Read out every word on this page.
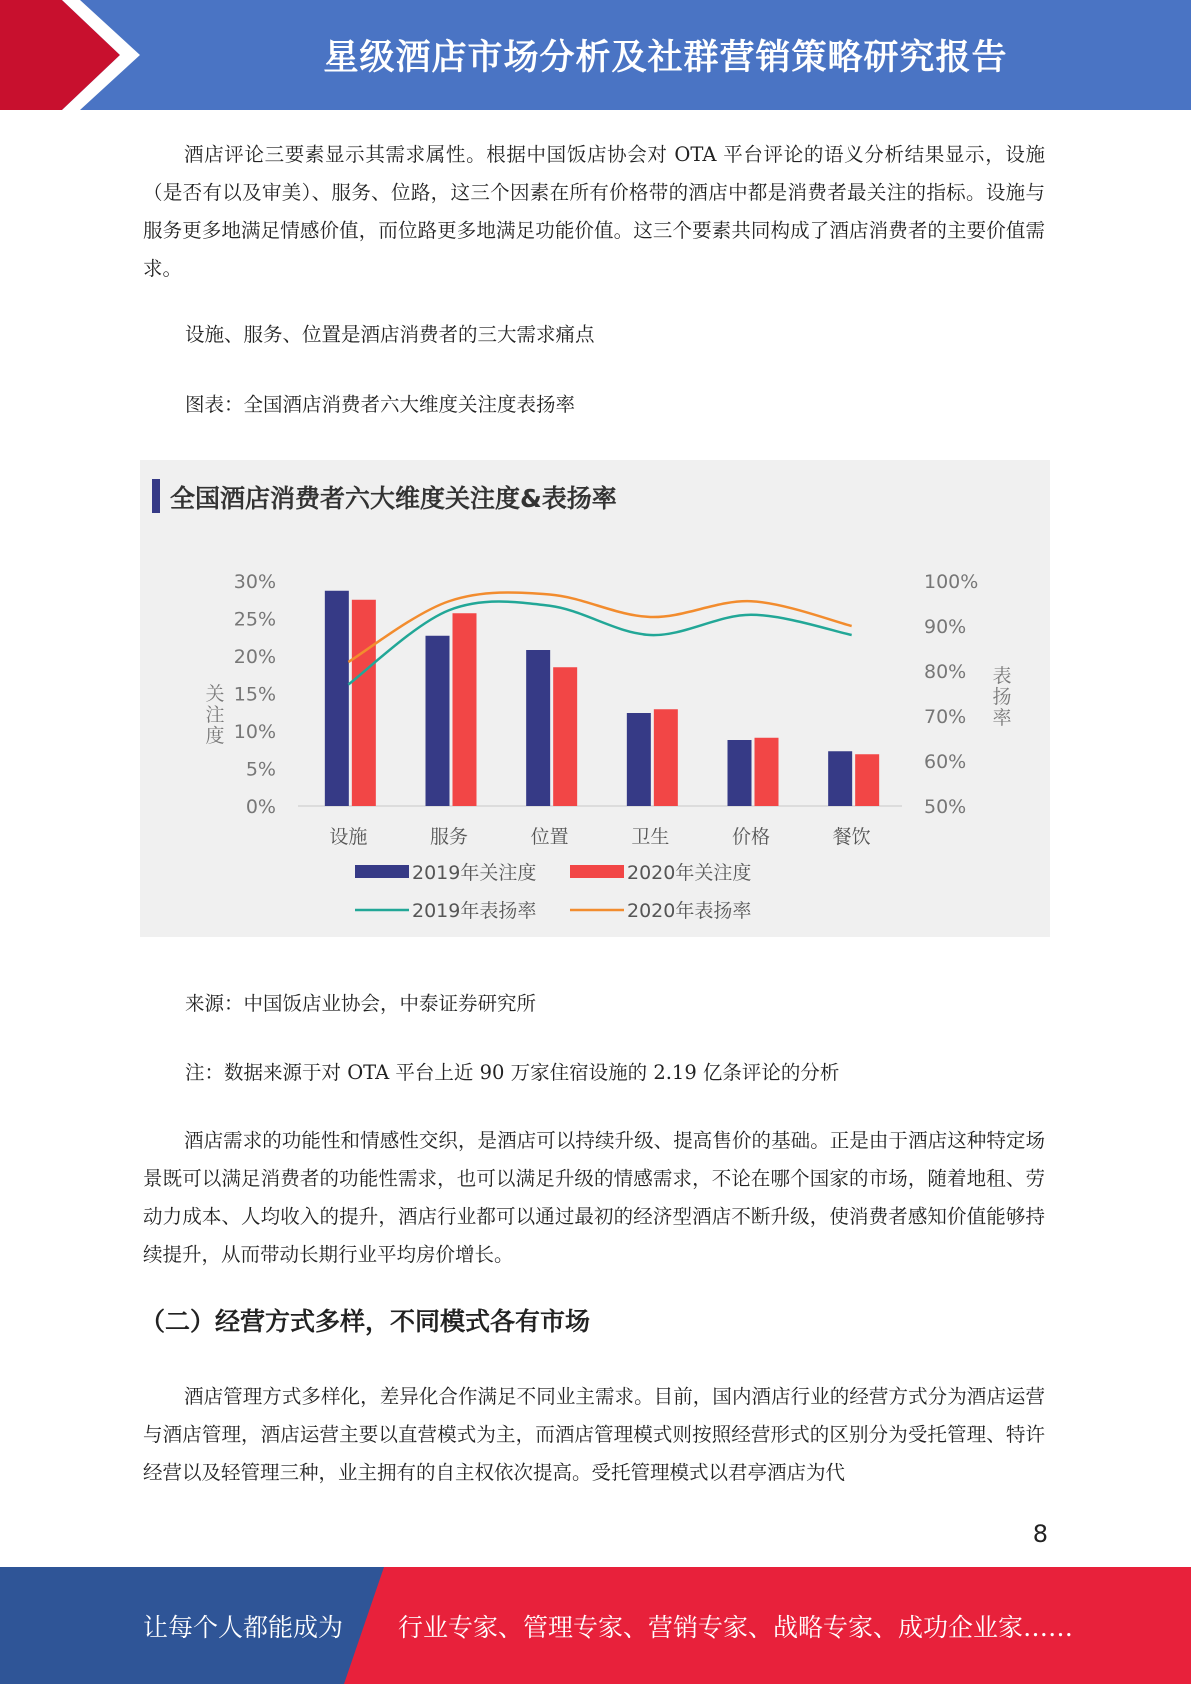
星级酒店市场分析及社群营销策略研究报告

酒店评论三要素显示其需求属性。根据中国饭店协会对 OTA 平台评论的语义分析结果显示，设施（是否有以及审美）、服务、位路，这三个因素在所有价格带的酒店中都是消费者最关注的指标。设施与服务更多地满足情感价值，而位路更多地满足功能价值。这三个要素共同构成了酒店消费者的主要价值需求。

设施、服务、位置是酒店消费者的三大需求痛点

图表：全国酒店消费者六大维度关注度表扬率

全国酒店消费者六大维度关注度&表扬率
0%
5%
10%
15%
20%
25%
30%
50%
60%
70%
80%
90%
100%
关注度
表扬率
设施	服务	位置	卫生	价格	餐饮
2019年关注度	2020年关注度
2019年表扬率	2020年表扬率

来源：中国饭店业协会，中泰证券研究所

注：数据来源于对 OTA 平台上近 90 万家住宿设施的 2.19 亿条评论的分析

酒店需求的功能性和情感性交织，是酒店可以持续升级、提高售价的基础。正是由于酒店这种特定场景既可以满足消费者的功能性需求，也可以满足升级的情感需求，不论在哪个国家的市场，随着地租、劳动力成本、人均收入的提升，酒店行业都可以通过最初的经济型酒店不断升级，使消费者感知价值能够持续提升，从而带动长期行业平均房价增长。

（二）经营方式多样，不同模式各有市场

酒店管理方式多样化，差异化合作满足不同业主需求。目前，国内酒店行业的经营方式分为酒店运营与酒店管理，酒店运营主要以直营模式为主，而酒店管理模式则按照经营形式的区别分为受托管理、特许经营以及轻管理三种，业主拥有的自主权依次提高。受托管理模式以君亭酒店为代

8

让每个人都能成为 行业专家、管理专家、营销专家、战略专家、成功企业家……
